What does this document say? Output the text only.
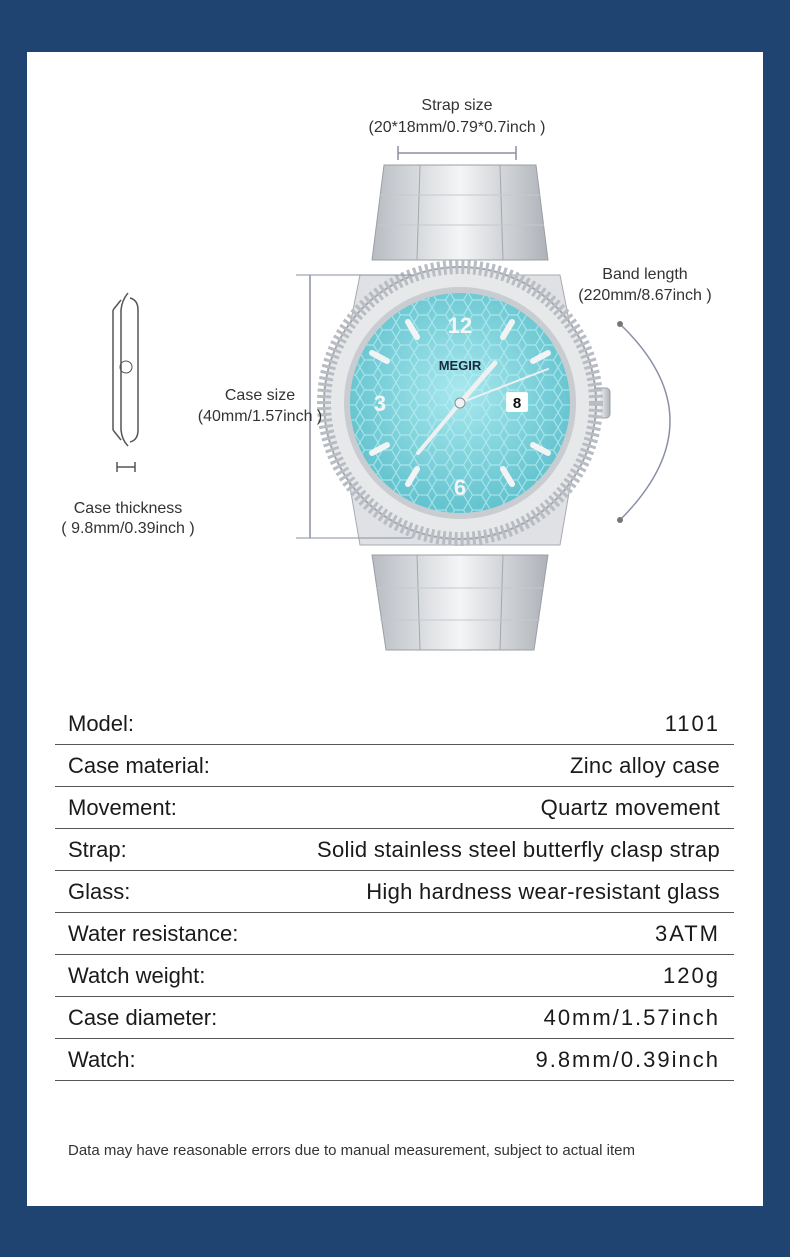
12
3
6
MEGIR
8
Strap size
(20*18mm/0.79*0.7inch )
Band length
(220mm/8.67inch )
Case size
(40mm/1.57inch )
Case thickness
( 9.8mm/0.39inch )
Model:	1101
Case material:	Zinc alloy case
Movement:	Quartz movement
Strap:	Solid stainless steel butterfly clasp strap
Glass:	High hardness wear-resistant glass
Water resistance:	3ATM
Watch weight:	120g
Case diameter:	40mm/1.57inch
Watch:	9.8mm/0.39inch
Data may have reasonable errors due to manual measurement, subject to actual item
